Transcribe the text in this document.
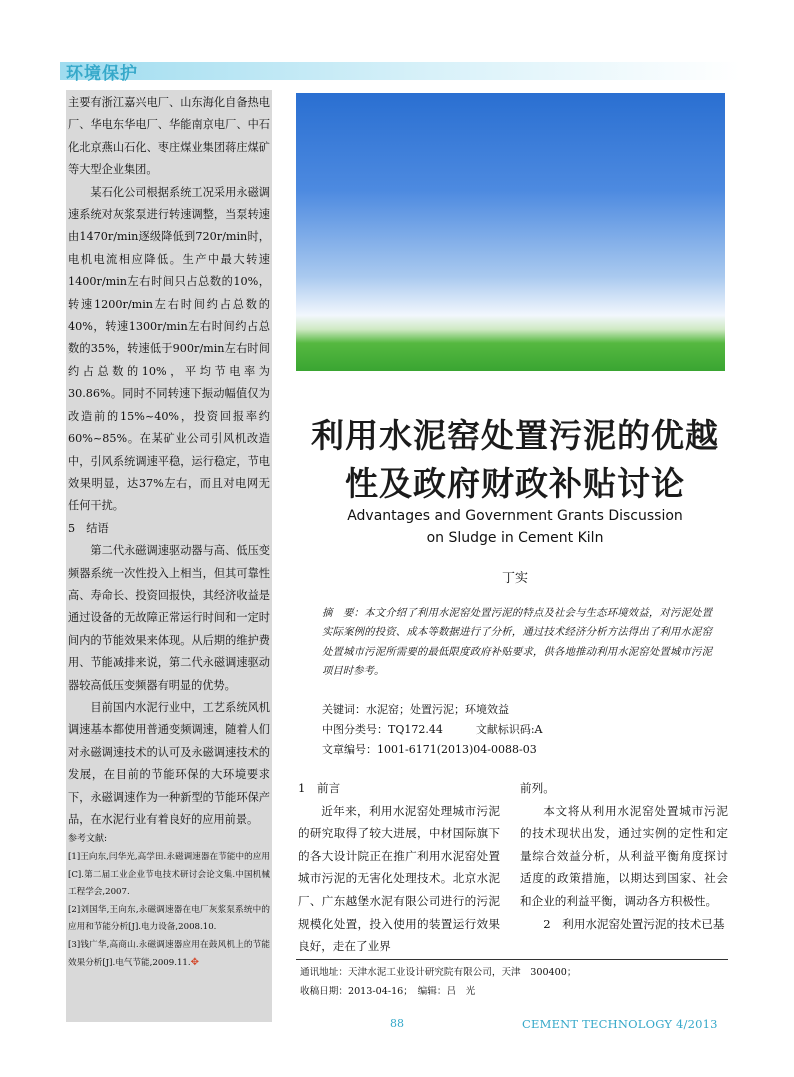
环境保护

主要有浙江嘉兴电厂、山东海化自备热电厂、华电东华电厂、华能南京电厂、中石化北京燕山石化、枣庄煤业集团蒋庄煤矿等大型企业集团。

某石化公司根据系统工况采用永磁调速系统对灰浆泵进行转速调整，当泵转速由1470r/min逐级降低到720r/min时，电机电流相应降低。生产中最大转速1400r/min左右时间只占总数的10%，转速1200r/min左右时间约占总数的40%，转速1300r/min左右时间约占总数的35%，转速低于900r/min左右时间约占总数的10%，平均节电率为30.86%。同时不同转速下振动幅值仅为改造前的15%~40%，投资回报率约60%~85%。在某矿业公司引风机改造中，引风系统调速平稳，运行稳定，节电效果明显，达37%左右，而且对电网无任何干扰。

5　结语

第二代永磁调速驱动器与高、低压变频器系统一次性投入上相当，但其可靠性高、寿命长、投资回报快，其经济收益是通过设备的无故障正常运行时间和一定时间内的节能效果来体现。从后期的维护费用、节能减排来说，第二代永磁调速驱动器较高低压变频器有明显的优势。

目前国内水泥行业中，工艺系统风机调速基本都使用普通变频调速，随着人们对永磁调速技术的认可及永磁调速技术的发展，在目前的节能环保的大环境要求下，永磁调速作为一种新型的节能环保产品，在水泥行业有着良好的应用前景。

参考文献:
[1]王向东,闫华光,高学田.永磁调速器在节能中的应用[C].第二届工业企业节电技术研讨会论文集.中国机械工程学会,2007.
[2]刘国华,王向东,永磁调速器在电厂灰浆泵系统中的应用和节能分析[J].电力设备,2008.10.
[3]钱广华,高商山.永磁调速器应用在鼓风机上的节能效果分析[J].电气节能,2009.11.✥
利用水泥窑处置污泥的优越性及政府财政补贴讨论
Advantages and Government Grants Discussion
on Sludge in Cement Kiln
丁实

摘　要：本文介绍了利用水泥窑处置污泥的特点及社会与生态环境效益，对污泥处置实际案例的投资、成本等数据进行了分析，通过技术经济分析方法得出了利用水泥窑处置城市污泥所需要的最低限度政府补贴要求，供各地推动利用水泥窑处置城市污泥项目时参考。

关键词：水泥窑；处置污泥；环境效益
中图分类号：TQ172.44　　　文献标识码:A
文章编号：1001-6171(2013)04-0088-03

1　前言

近年来，利用水泥窑处理城市污泥的研究取得了较大进展，中材国际旗下的各大设计院正在推广利用水泥窑处置城市污泥的无害化处理技术。北京水泥厂、广东越堡水泥有限公司进行的污泥规模化处置，投入使用的装置运行效果良好，走在了业界

前列。

本文将从利用水泥窑处置城市污泥的技术现状出发，通过实例的定性和定量综合效益分析，从利益平衡角度探讨适度的政策措施，以期达到国家、社会和企业的利益平衡，调动各方积极性。

2　利用水泥窑处置污泥的技术已基

通讯地址：天津水泥工业设计研究院有限公司，天津　300400；
收稿日期：2013-04-16；　编辑：吕　光
88	CEMENT TECHNOLOGY 4/2013
